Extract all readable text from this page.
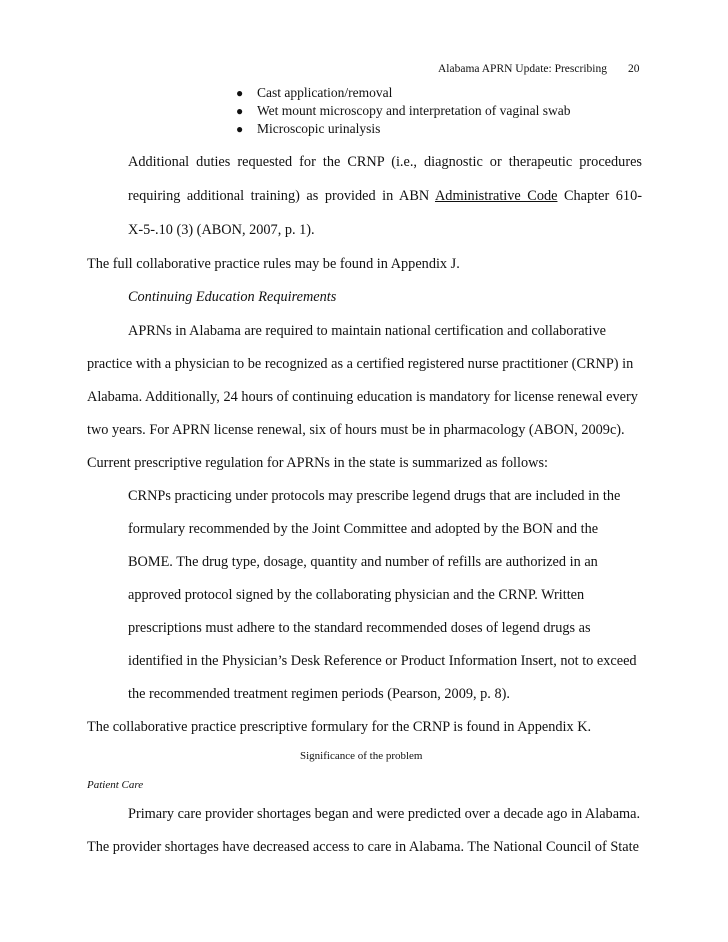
Alabama APRN Update: Prescribing 20
● Cast application/removal
● Wet mount microscopy and interpretation of vaginal swab
● Microscopic urinalysis
Additional duties requested for the CRNP (i.e., diagnostic or therapeutic procedures
requiring additional training) as provided in ABN Administrative Code Chapter 610-
X-5-.10 (3) (ABON, 2007, p. 1).
The full collaborative practice rules may be found in Appendix J.
Continuing Education Requirements
APRNs in Alabama are required to maintain national certification and collaborative
practice with a physician to be recognized as a certified registered nurse practitioner (CRNP) in
Alabama. Additionally, 24 hours of continuing education is mandatory for license renewal every
two years. For APRN license renewal, six of hours must be in pharmacology (ABON, 2009c).
Current prescriptive regulation for APRNs in the state is summarized as follows:
CRNPs practicing under protocols may prescribe legend drugs that are included in the
formulary recommended by the Joint Committee and adopted by the BON and the
BOME. The drug type, dosage, quantity and number of refills are authorized in an
approved protocol signed by the collaborating physician and the CRNP. Written
prescriptions must adhere to the standard recommended doses of legend drugs as
identified in the Physician’s Desk Reference or Product Information Insert, not to exceed
the recommended treatment regimen periods (Pearson, 2009, p. 8).
The collaborative practice prescriptive formulary for the CRNP is found in Appendix K.
Significance of the problem
Patient Care
Primary care provider shortages began and were predicted over a decade ago in Alabama.
The provider shortages have decreased access to care in Alabama. The National Council of State
